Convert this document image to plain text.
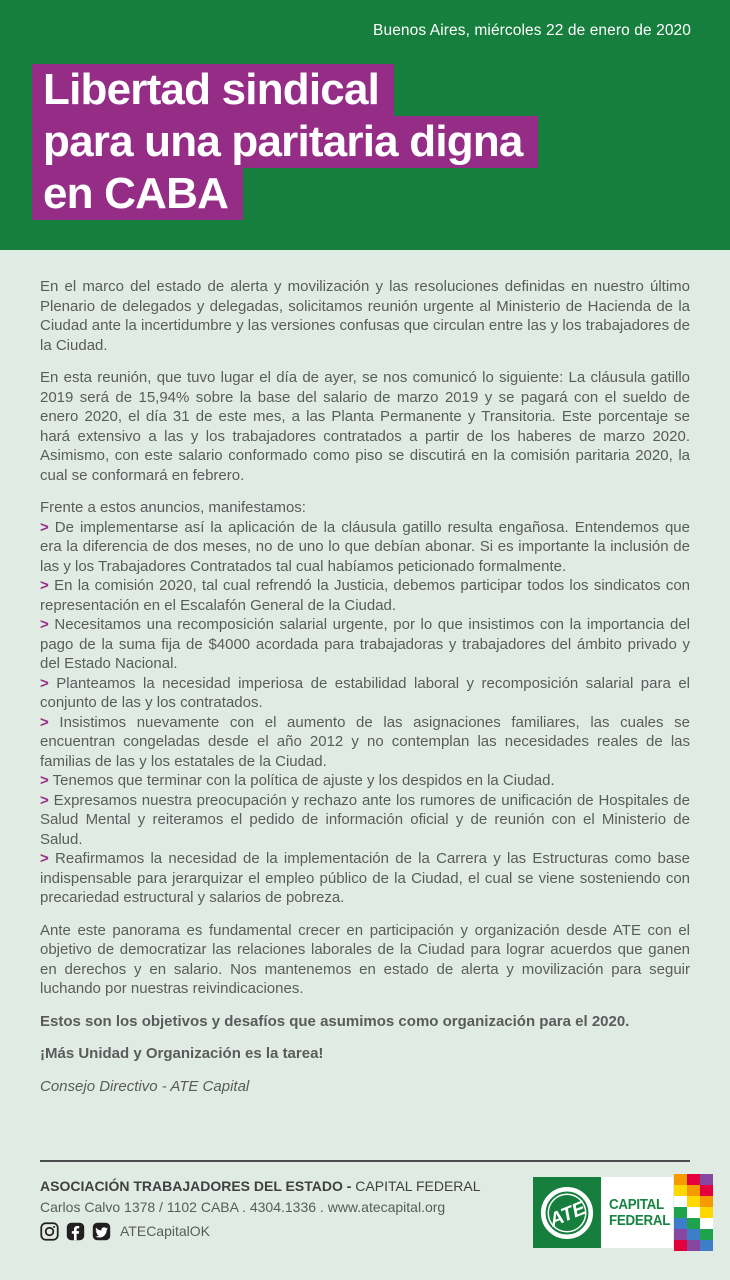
Buenos Aires, miércoles 22 de enero de 2020
Libertad sindical
para una paritaria digna
en CABA

En el marco del estado de alerta y movilización y las resoluciones definidas en nuestro último Plenario de delegados y delegadas, solicitamos reunión urgente al Ministerio de Hacienda de la Ciudad ante la incertidumbre y las versiones confusas que circulan entre las y los trabajadores de la Ciudad.

En esta reunión, que tuvo lugar el día de ayer, se nos comunicó lo siguiente: La cláusula gatillo 2019 será de 15,94% sobre la base del salario de marzo 2019 y se pagará con el sueldo de enero 2020, el día 31 de este mes, a las Planta Permanente y Transitoria. Este porcentaje se hará extensivo a las y los trabajadores contratados a partir de los haberes de marzo 2020. Asimismo, con este salario conformado como piso se discutirá en la comisión paritaria 2020, la cual se conformará en febrero.

Frente a estos anuncios, manifestamos:

> De implementarse así la aplicación de la cláusula gatillo resulta engañosa. Entendemos que era la diferencia de dos meses, no de uno lo que debían abonar. Si es importante la inclusión de las y los Trabajadores Contratados tal cual habíamos peticionado formalmente.

> En la comisión 2020, tal cual refrendó la Justicia, debemos participar todos los sindicatos con representación en el Escalafón General de la Ciudad.

> Necesitamos una recomposición salarial urgente, por lo que insistimos con la importancia del pago de la suma fija de $4000 acordada para trabajadoras y trabajadores del ámbito privado y del Estado Nacional.

> Planteamos la necesidad imperiosa de estabilidad laboral y recomposición salarial para el conjunto de las y los contratados.

> Insistimos nuevamente con el aumento de las asignaciones familiares, las cuales se encuentran congeladas desde el año 2012 y no contemplan las necesidades reales de las familias de las y los estatales de la Ciudad.

> Tenemos que terminar con la política de ajuste y los despidos en la Ciudad.

> Expresamos nuestra preocupación y rechazo ante los rumores de unificación de Hospitales de Salud Mental y reiteramos el pedido de información oficial y de reunión con el Ministerio de Salud.

> Reafirmamos la necesidad de la implementación de la Carrera y las Estructuras como base indispensable para jerarquizar el empleo público de la Ciudad, el cual se viene sosteniendo con precariedad estructural y salarios de pobreza.

Ante este panorama es fundamental crecer en participación y organización desde ATE con el objetivo de democratizar las relaciones laborales de la Ciudad para lograr acuerdos que ganen en derechos y en salario. Nos mantenemos en estado de alerta y movilización para seguir luchando por nuestras reivindicaciones.

Estos son los objetivos y desafíos que asumimos como organización para el 2020.

¡Más Unidad y Organización es la tarea!

Consejo Directivo - ATE Capital

ASOCIACIÓN TRABAJADORES DEL ESTADO - CAPITAL FEDERAL
Carlos Calvo 1378 / 1102 CABA . 4304.1336 . www.atecapital.org
ATECapitalOK
ATE CAPITAL
FEDERAL
